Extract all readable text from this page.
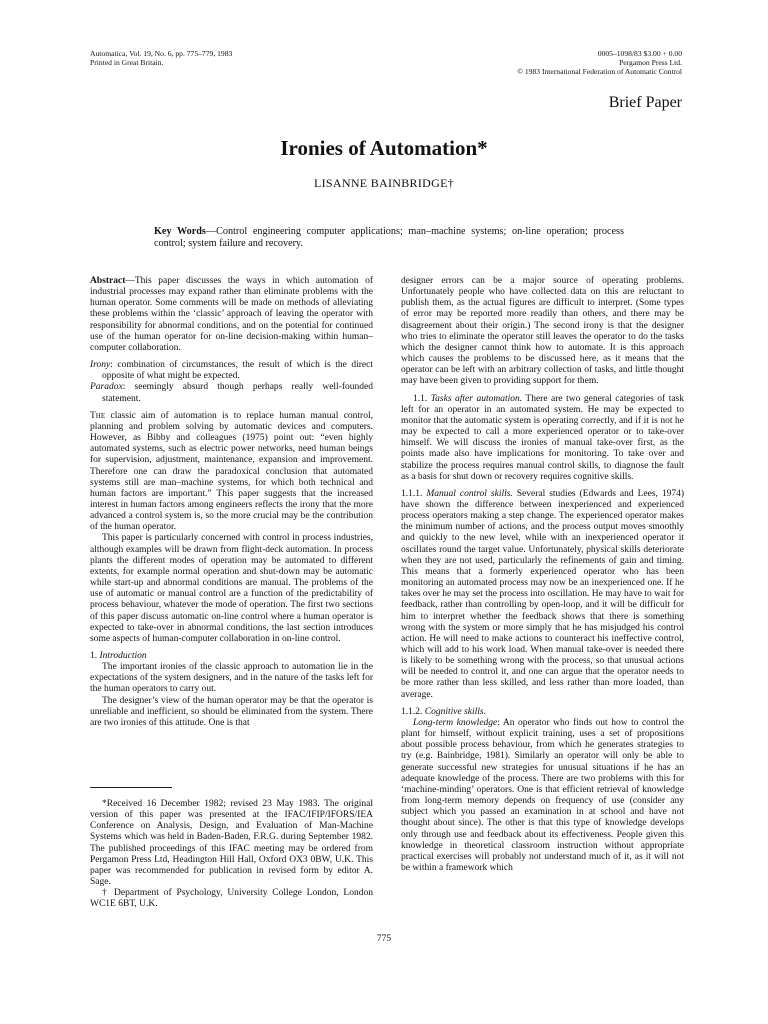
Automatica, Vol. 19, No. 6, pp. 775–779, 1983
Printed in Great Britain.
0005–1098/83 $3.00 + 0.00
Pergamon Press Ltd.
© 1983 International Federation of Automatic Control
Brief Paper
Ironies of Automation*
LISANNE BAINBRIDGE†
Key Words—Control engineering computer applications; man–machine systems; on-line operation; process control; system failure and recovery.

Abstract—This paper discusses the ways in which automation of industrial processes may expand rather than eliminate problems with the human operator. Some comments will be made on methods of alleviating these problems within the ‘classic’ approach of leaving the operator with responsibility for abnormal conditions, and on the potential for continued use of the human operator for on-line decision-making within human–computer collaboration.

Irony: combination of circumstances, the result of which is the direct opposite of what might be expected.

Paradox: seemingly absurd though perhaps really well-founded statement.

The classic aim of automation is to replace human manual control, planning and problem solving by automatic devices and computers. However, as Bibby and colleagues (1975) point out: “even highly automated systems, such as electric power networks, need human beings for supervision, adjustment, maintenance, expansion and improvement. Therefore one can draw the paradoxical conclusion that automated systems still are man–machine systems, for which both technical and human factors are important.” This paper suggests that the increased interest in human factors among engineers reflects the irony that the more advanced a control system is, so the more crucial may be the contribution of the human operator.

This paper is particularly concerned with control in process industries, although examples will be drawn from flight-deck automation. In process plants the different modes of operation may be automated to different extents, for example normal operation and shut-down may be automatic while start-up and abnormal conditions are manual. The problems of the use of automatic or manual control are a function of the predictability of process behaviour, whatever the mode of operation. The first two sections of this paper discuss automatic on-line control where a human operator is expected to take-over in abnormal conditions, the last section introduces some aspects of human-computer collaboration in on-line control.

1. Introduction

The important ironies of the classic approach to automation lie in the expectations of the system designers, and in the nature of the tasks left for the human operators to carry out.

The designer’s view of the human operator may be that the operator is unreliable and inefficient, so should be eliminated from the system. There are two ironies of this attitude. One is that

*Received 16 December 1982; revised 23 May 1983. The original version of this paper was presented at the IFAC/IFIP/IFORS/IEA Conference on Analysis, Design, and Evaluation of Man-Machine Systems which was held in Baden-Baden, F.R.G. during September 1982. The published proceedings of this IFAC meeting may be ordered from Pergamon Press Ltd, Headington Hill Hall, Oxford OX3 0BW, U.K. This paper was recommended for publication in revised form by editor A. Sage.

† Department of Psychology, University College London, London WC1E 6BT, U.K.

designer errors can be a major source of operating problems. Unfortunately people who have collected data on this are reluctant to publish them, as the actual figures are difficult to interpret. (Some types of error may be reported more readily than others, and there may be disagreement about their origin.) The second irony is that the designer who tries to eliminate the operator still leaves the operator to do the tasks which the designer cannot think how to automate. It is this approach which causes the problems to be discussed here, as it means that the operator can be left with an arbitrary collection of tasks, and little thought may have been given to providing support for them.

1.1. Tasks after automation. There are two general categories of task left for an operator in an automated system. He may be expected to monitor that the automatic system is operating correctly, and if it is not he may be expected to call a more experienced operator or to take-over himself. We will discuss the ironies of manual take-over first, as the points made also have implications for monitoring. To take over and stabilize the process requires manual control skills, to diagnose the fault as a basis for shut down or recovery requires cognitive skills.

1.1.1. Manual control skills. Several studies (Edwards and Lees, 1974) have shown the difference between inexperienced and experienced process operators making a step change. The experienced operator makes the minimum number of actions, and the process output moves smoothly and quickly to the new level, while with an inexperienced operator it oscillates round the target value. Unfortunately, physical skills deteriorate when they are not used, particularly the refinements of gain and timing. This means that a formerly experienced operator who has been monitoring an automated process may now be an inexperienced one. If he takes over he may set the process into oscillation. He may have to wait for feedback, rather than controlling by open-loop, and it will be difficult for him to interpret whether the feedback shows that there is something wrong with the system or more simply that he has misjudged his control action. He will need to make actions to counteract his ineffective control, which will add to his work load. When manual take-over is needed there is likely to be something wrong with the process, so that unusual actions will be needed to control it, and one can argue that the operator needs to be more rather than less skilled, and less rather than more loaded, than average.

1.1.2. Cognitive skills.

Long-term knowledge: An operator who finds out how to control the plant for himself, without explicit training, uses a set of propositions about possible process behaviour, from which he generates strategies to try (e.g. Bainbridge, 1981). Similarly an operator will only be able to generate successful new strategies for unusual situations if he has an adequate knowledge of the process. There are two problems with this for ‘machine-minding’ operators. One is that efficient retrieval of knowledge from long-term memory depends on frequency of use (consider any subject which you passed an examination in at school and have not thought about since). The other is that this type of knowledge develops only through use and feedback about its effectiveness. People given this knowledge in theoretical classroom instruction without appropriate practical exercises will probably not understand much of it, as it will not be within a framework which

775
